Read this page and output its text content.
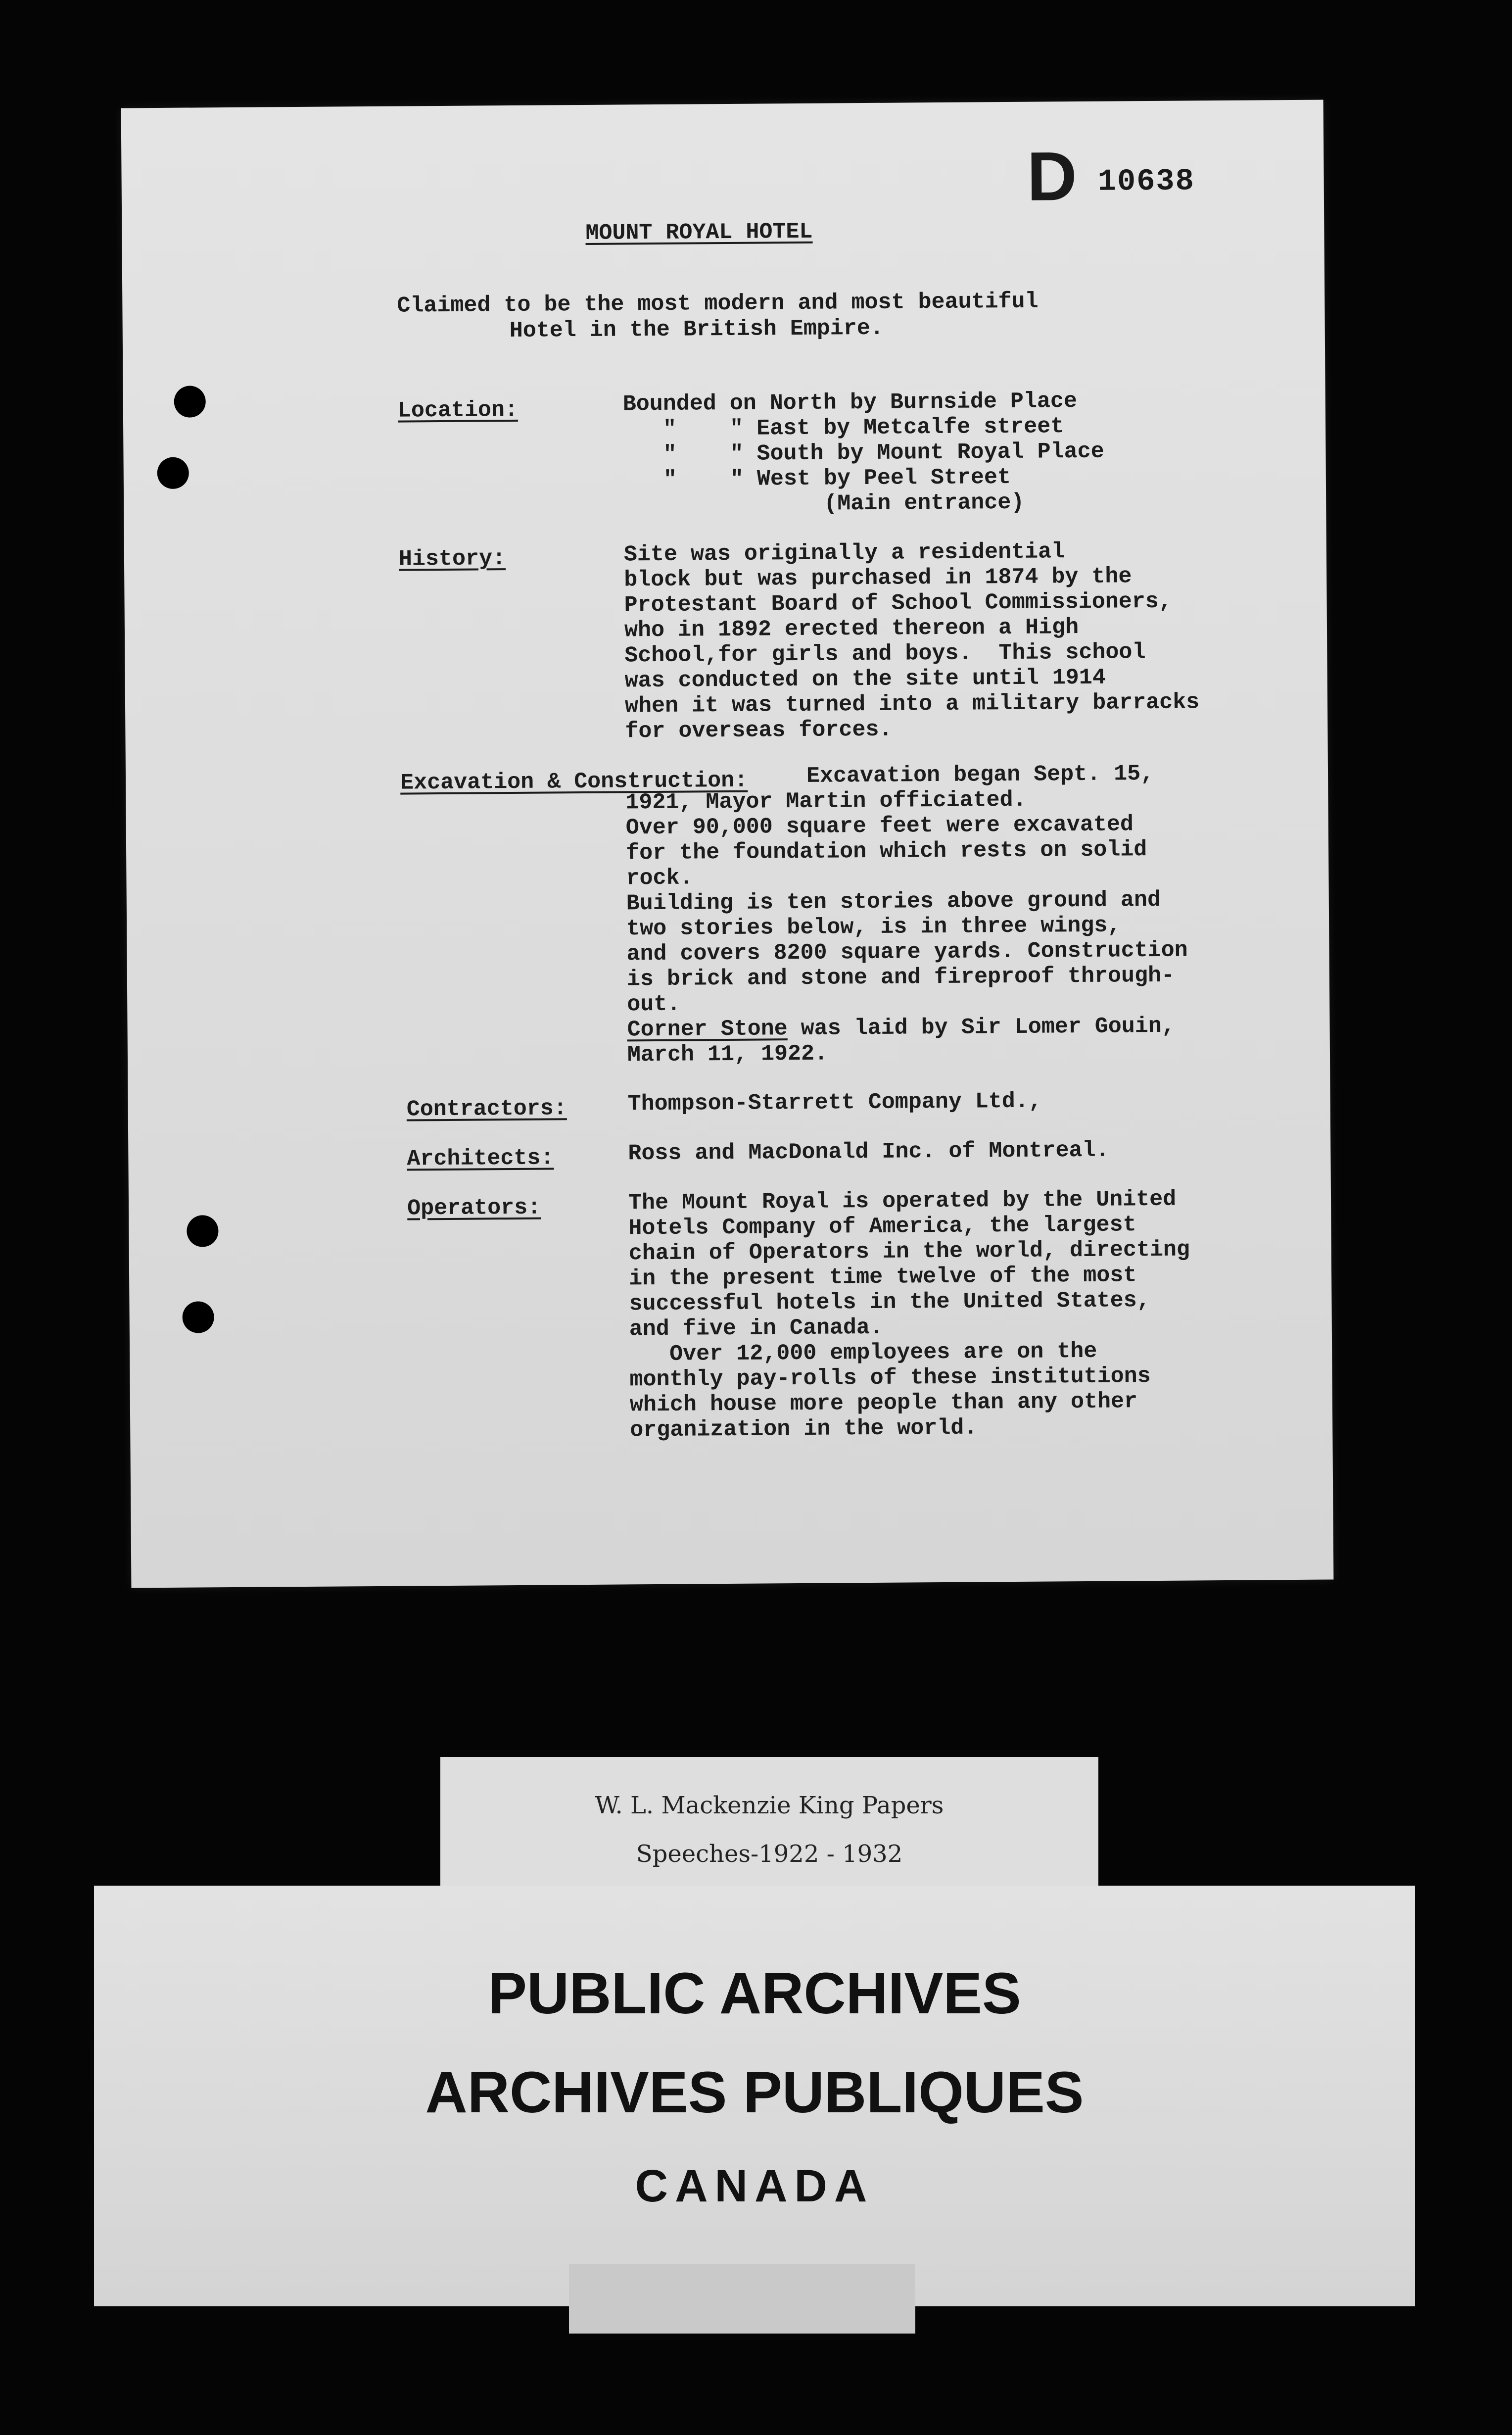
D 10638
MOUNT ROYAL HOTEL
Claimed to be the most modern and most beautiful
Hotel in the British Empire.
Location:	Bounded on North by Burnside Place
"    " East by Metcalfe street
"    " South by Mount Royal Place
"    " West by Peel Street
(Main entrance)
History:	Site was originally a residential
block but was purchased in 1874 by the
Protestant Board of School Commissioners,
who in 1892 erected thereon a High
School,for girls and boys.  This school
was conducted on the site until 1914
when it was turned into a military barracks
for overseas forces.
Excavation & Construction: Excavation began Sept. 15,
1921, Mayor Martin officiated.
Over 90,000 square feet were excavated
for the foundation which rests on solid
rock.
Building is ten stories above ground and
two stories below, is in three wings,
and covers 8200 square yards. Construction
is brick and stone and fireproof through-
out.
Corner Stone was laid by Sir Lomer Gouin,
March 11, 1922.
Contractors:	Thompson-Starrett Company Ltd.,
Architects:	Ross and MacDonald Inc. of Montreal.
Operators:	The Mount Royal is operated by the United
Hotels Company of America, the largest
chain of Operators in the world, directing
in the present time twelve of the most
successful hotels in the United States,
and five in Canada.
Over 12,000 employees are on the
monthly pay-rolls of these institutions
which house more people than any other
organization in the world.
W. L. Mackenzie King Papers
Speeches-1922 - 1932
PUBLIC ARCHIVES
ARCHIVES PUBLIQUES
CANADA
